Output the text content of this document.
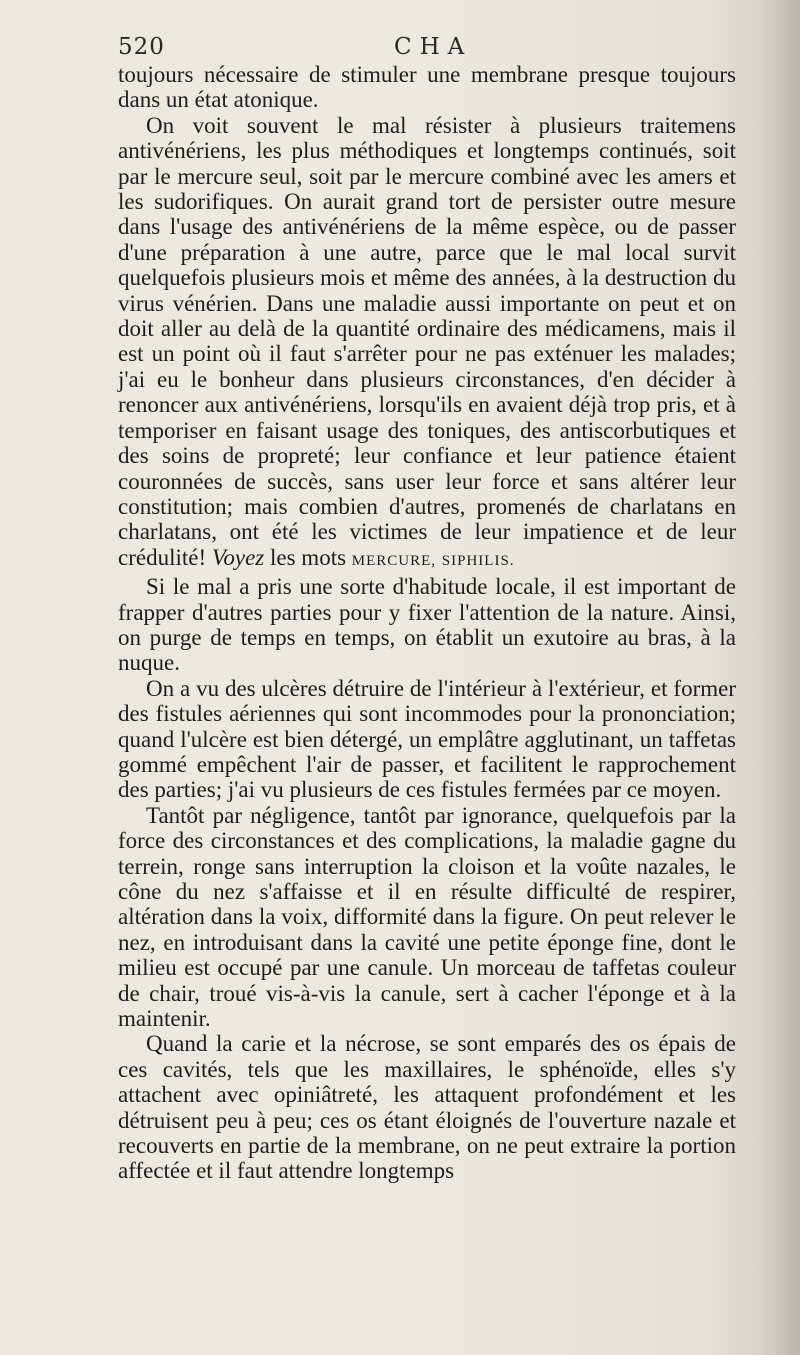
520	CHA

toujours nécessaire de stimuler une membrane presque toujours dans un état atonique.

On voit souvent le mal résister à plusieurs traitemens antivénériens, les plus méthodiques et longtemps continués, soit par le mercure seul, soit par le mercure combiné avec les amers et les sudorifiques. On aurait grand tort de persister outre mesure dans l'usage des antivénériens de la même espèce, ou de passer d'une préparation à une autre, parce que le mal local survit quelquefois plusieurs mois et même des années, à la destruction du virus vénérien. Dans une maladie aussi importante on peut et on doit aller au delà de la quantité ordinaire des médicamens, mais il est un point où il faut s'arrêter pour ne pas exténuer les malades; j'ai eu le bonheur dans plusieurs circonstances, d'en décider à renoncer aux antivénériens, lorsqu'ils en avaient déjà trop pris, et à temporiser en faisant usage des toniques, des antiscorbutiques et des soins de propreté; leur confiance et leur patience étaient couronnées de succès, sans user leur force et sans altérer leur constitution; mais combien d'autres, promenés de charlatans en charlatans, ont été les victimes de leur impatience et de leur crédulité! Voyez les mots MERCURE, SIPHILIS.

Si le mal a pris une sorte d'habitude locale, il est important de frapper d'autres parties pour y fixer l'attention de la nature. Ainsi, on purge de temps en temps, on établit un exutoire au bras, à la nuque.

On a vu des ulcères détruire de l'intérieur à l'extérieur, et former des fistules aériennes qui sont incommodes pour la prononciation; quand l'ulcère est bien détergé, un emplâtre agglutinant, un taffetas gommé empêchent l'air de passer, et facilitent le rapprochement des parties; j'ai vu plusieurs de ces fistules fermées par ce moyen.

Tantôt par négligence, tantôt par ignorance, quelquefois par la force des circonstances et des complications, la maladie gagne du terrein, ronge sans interruption la cloison et la voûte nazales, le cône du nez s'affaisse et il en résulte difficulté de respirer, altération dans la voix, difformité dans la figure. On peut relever le nez, en introduisant dans la cavité une petite éponge fine, dont le milieu est occupé par une canule. Un morceau de taffetas couleur de chair, troué vis-à-vis la canule, sert à cacher l'éponge et à la maintenir.

Quand la carie et la nécrose, se sont emparés des os épais de ces cavités, tels que les maxillaires, le sphénoïde, elles s'y attachent avec opiniâtreté, les attaquent profondément et les détruisent peu à peu; ces os étant éloignés de l'ouverture nazale et recouverts en partie de la membrane, on ne peut extraire la portion affectée et il faut attendre longtemps
